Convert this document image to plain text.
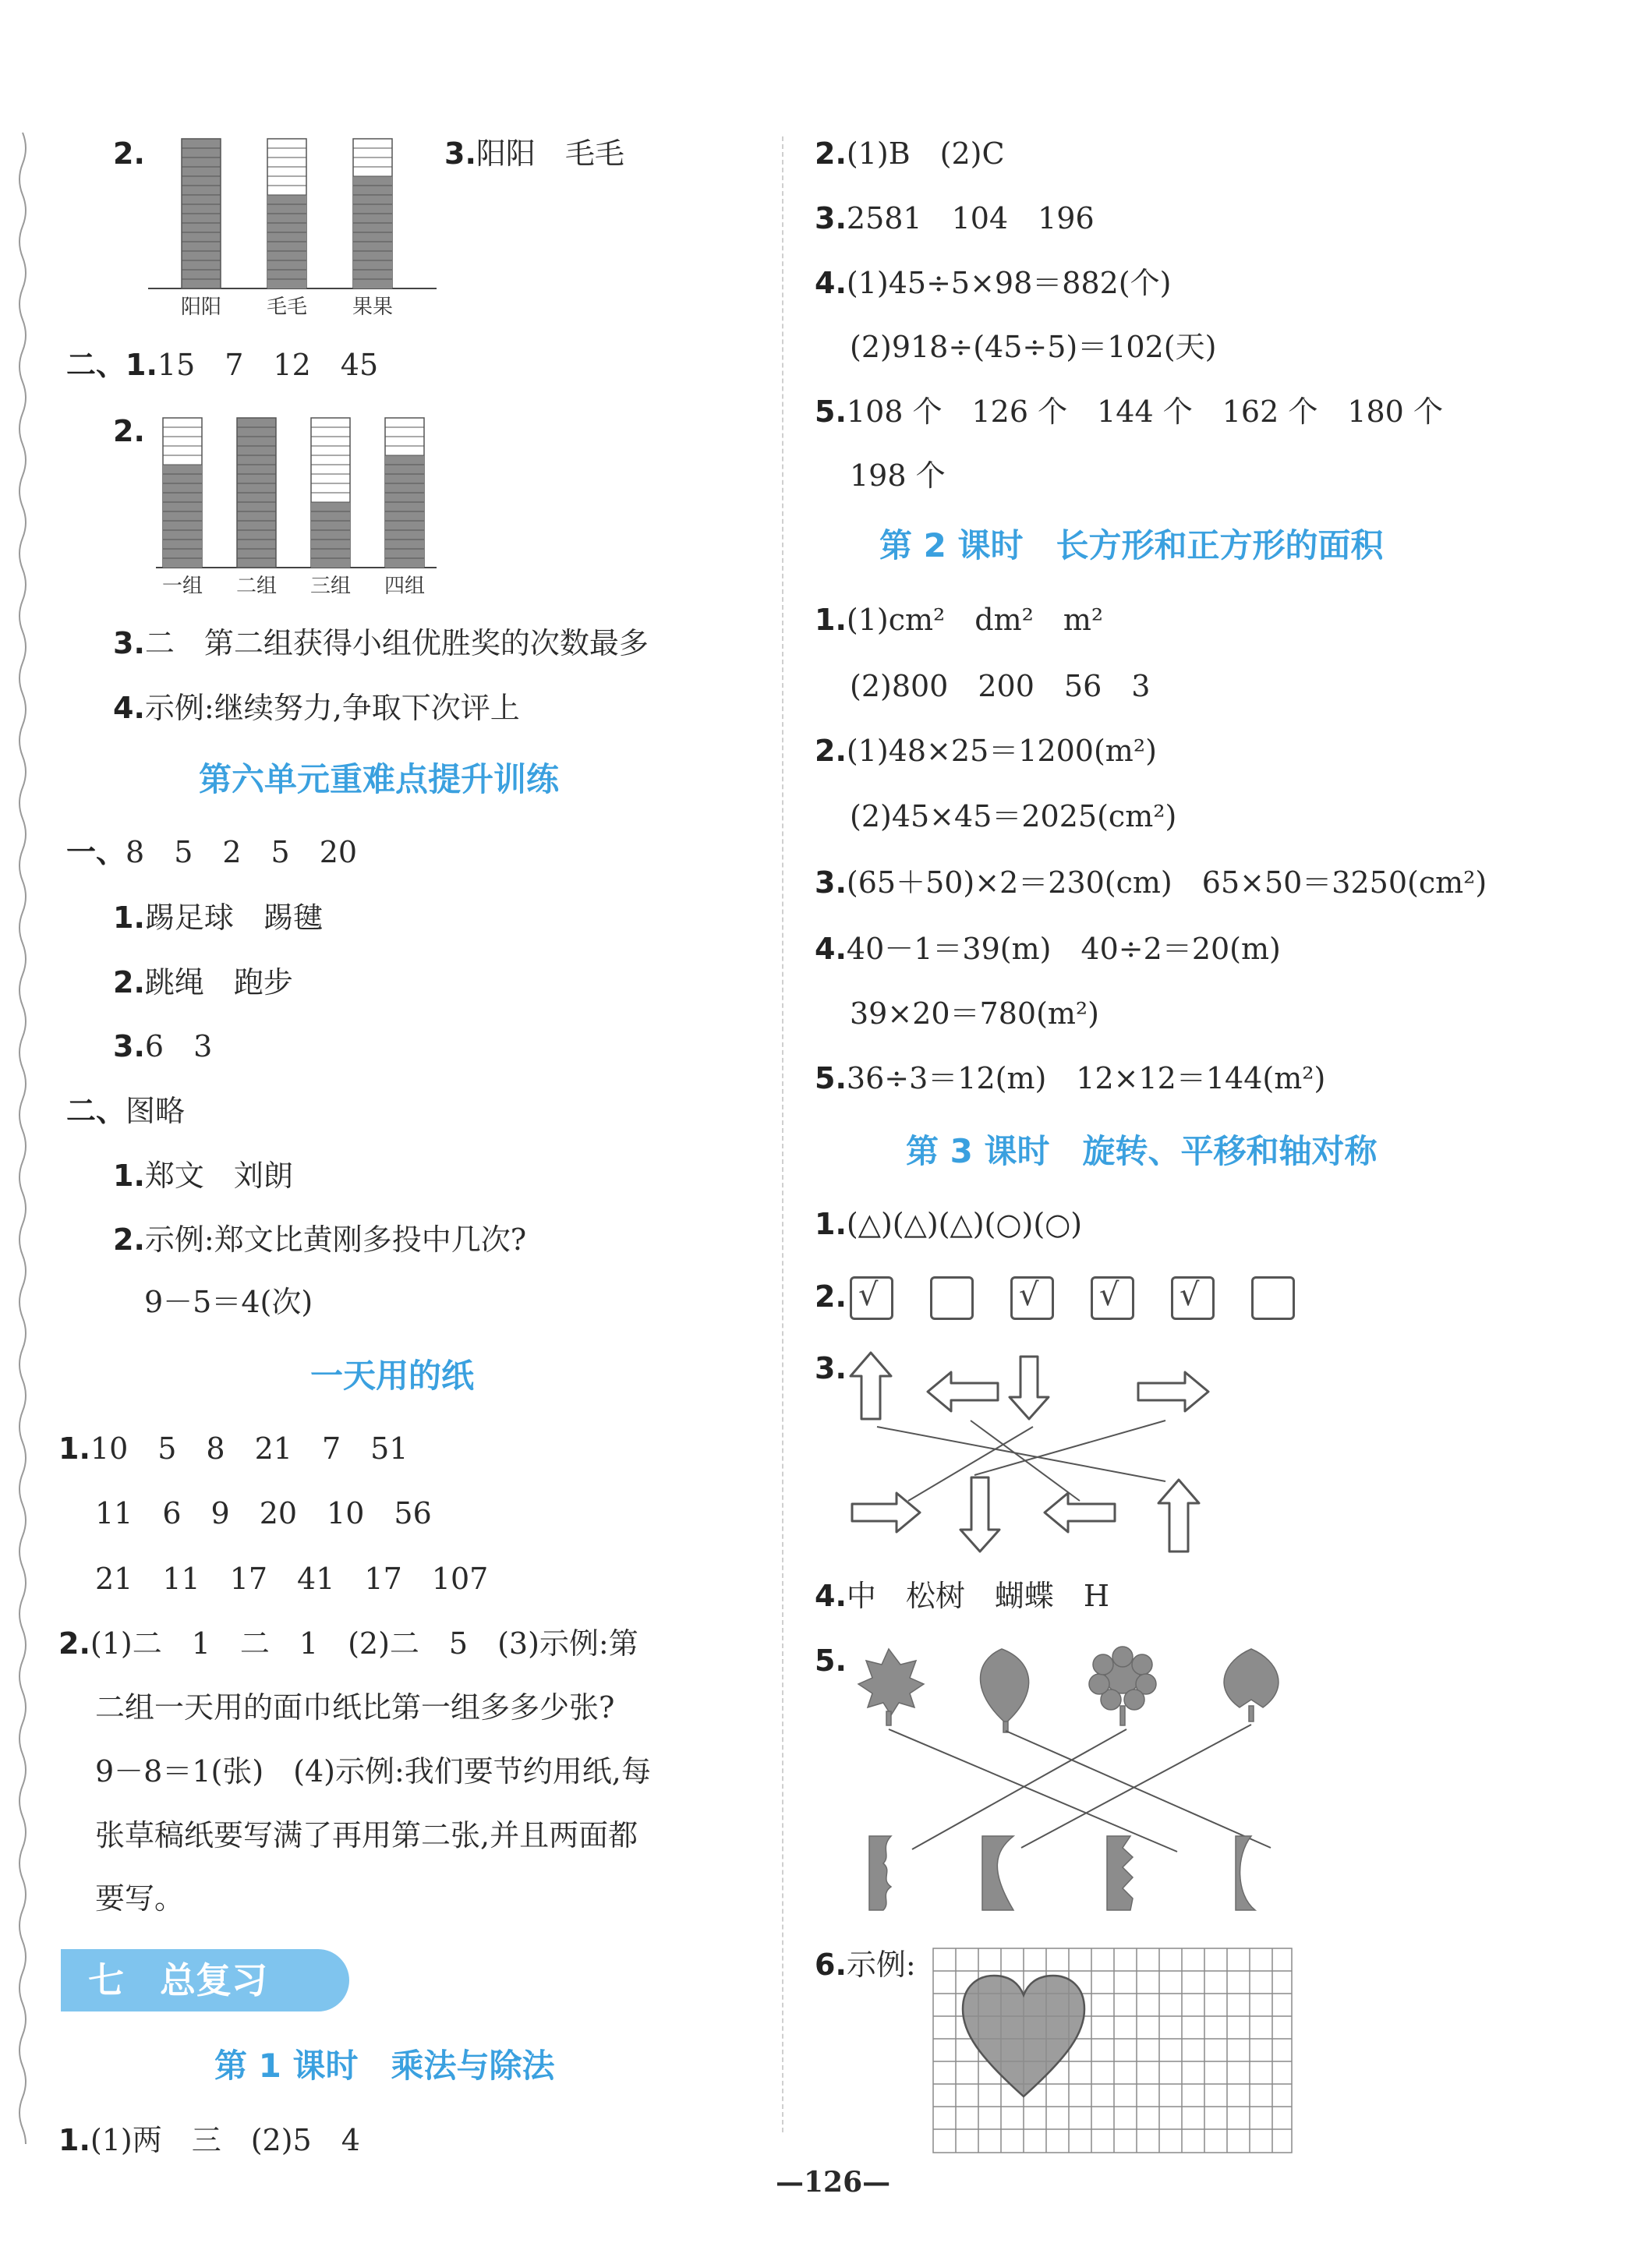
2.
阳阳 毛毛 果果
3.阳阳　毛毛
二、1.15　7　12　45
2.
一组 二组 三组 四组
3.二　第二组获得小组优胜奖的次数最多
4.示例:继续努力,争取下次评上
第六单元重难点提升训练
一、8　5　2　5　20
1.踢足球　踢毽
2.跳绳　跑步
3.6　3
二、图略
1.郑文　刘朗
2.示例:郑文比黄刚多投中几次?
9－5＝4(次)
一天用的纸
1.10　5　8　21　7　51
11　6　9　20　10　56
21　11　17　41　17　107
2.(1)二　1　二　1　(2)二　5　(3)示例:第
二组一天用的面巾纸比第一组多多少张?
9－8＝1(张)　(4)示例:我们要节约用纸,每
张草稿纸要写满了再用第二张,并且两面都
要写。
七　总复习
第 1 课时　乘法与除法
1.(1)两　三　(2)5　4
2.(1)B　(2)C
3.2581　104　196
4.(1)45÷5×98＝882(个)
(2)918÷(45÷5)＝102(天)
5.108 个　126 个　144 个　162 个　180 个
198 个
第 2 课时　长方形和正方形的面积
1.(1)cm²　dm²　m²
(2)800　200　56　3
2.(1)48×25＝1200(m²)
(2)45×45＝2025(cm²)
3.(65＋50)×2＝230(cm)　65×50＝3250(cm²)
4.40－1＝39(m)　40÷2＝20(m)
39×20＝780(m²)
5.36÷3＝12(m)　12×12＝144(m²)
第 3 课时　旋转、平移和轴对称
1.(△)(△)(△)(○)(○)
2. √	√ √ √
3.
4.中　松树　蝴蝶　H
5.
6.示例:
—126—
